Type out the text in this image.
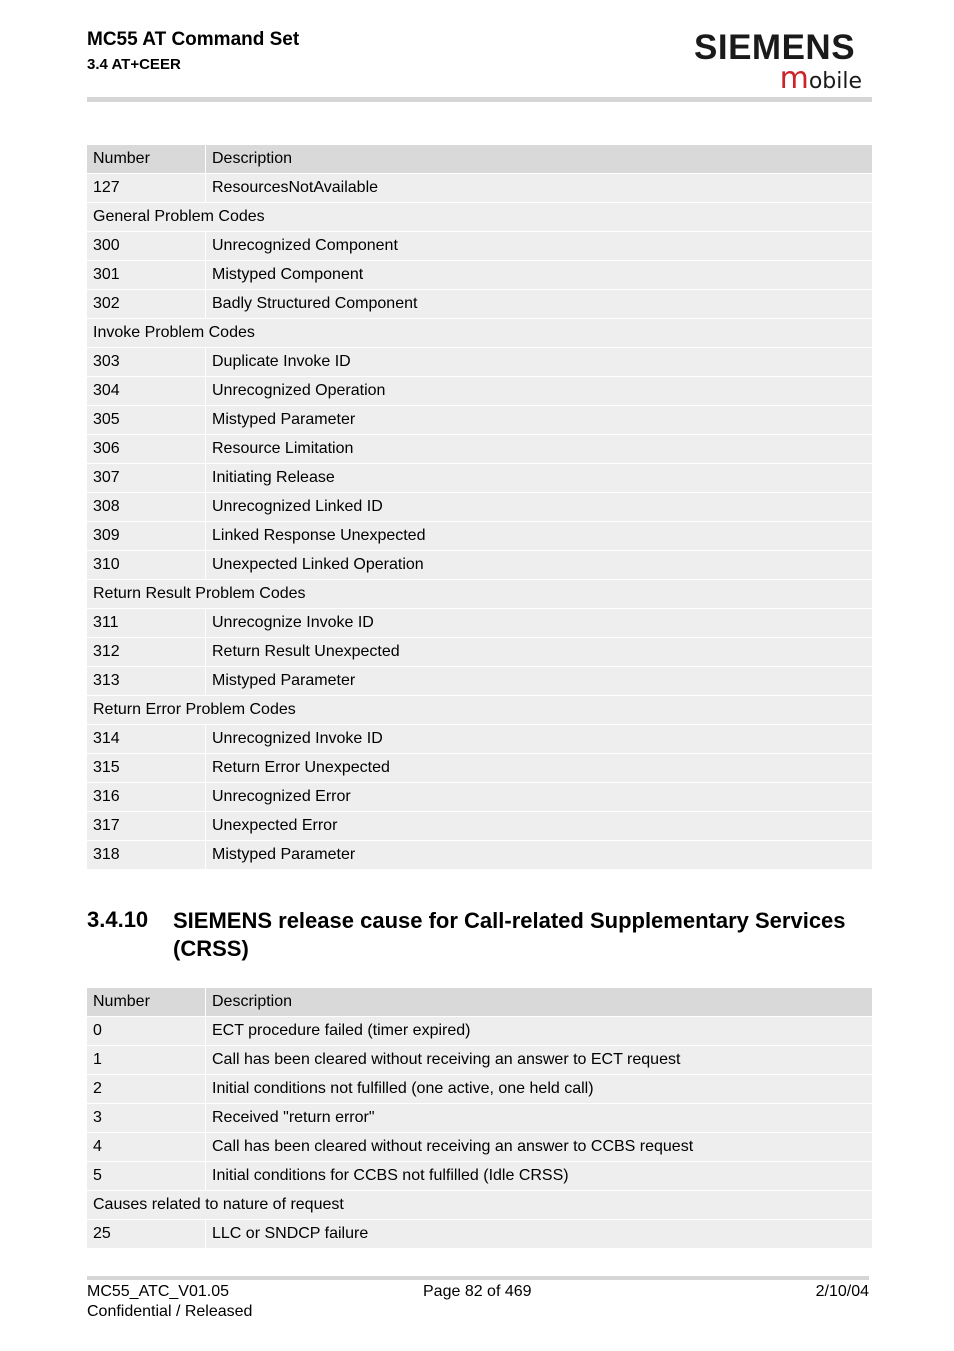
MC55 AT Command Set
3.4 AT+CEER	SIEMENS
mobile
Number	Description
127	ResourcesNotAvailable
General Problem Codes	
300	Unrecognized Component
301	Mistyped Component
302	Badly Structured Component
Invoke Problem Codes	
303	Duplicate Invoke ID
304	Unrecognized Operation
305	Mistyped Parameter
306	Resource Limitation
307	Initiating Release
308	Unrecognized Linked ID
309	Linked Response Unexpected
310	Unexpected Linked Operation
Return Result Problem Codes	
311	Unrecognize Invoke ID
312	Return Result Unexpected
313	Mistyped Parameter
Return Error Problem Codes	
314	Unrecognized Invoke ID
315	Return Error Unexpected
316	Unrecognized Error
317	Unexpected Error
318	Mistyped Parameter
3.4.10 SIEMENS release cause for Call-related Supplementary Services (CRSS)
Number	Description
0	ECT procedure failed (timer expired)
1	Call has been cleared without receiving an answer to ECT request
2	Initial conditions not fulfilled (one active, one held call)
3	Received "return error"
4	Call has been cleared without receiving an answer to CCBS request
5	Initial conditions for CCBS not fulfilled (Idle CRSS)
Causes related to nature of request	
25	LLC or SNDCP failure
MC55_ATC_V01.05
Confidential / Released
Page 82 of 469	2/10/04
